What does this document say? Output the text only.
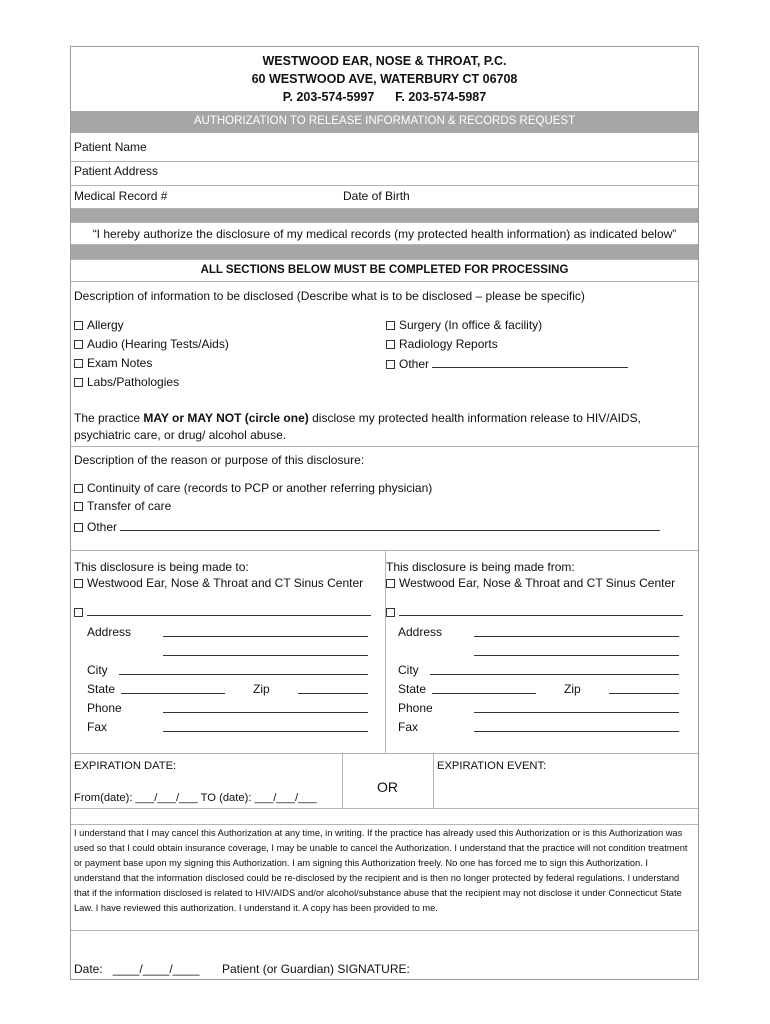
WESTWOOD EAR, NOSE & THROAT, P.C.
60 WESTWOOD AVE, WATERBURY CT 06708
P. 203-574-5997 F. 203-574-5987
AUTHORIZATION TO RELEASE INFORMATION & RECORDS REQUEST
Patient Name
Patient Address
Medical Record #	Date of Birth
“I hereby authorize the disclosure of my medical records (my protected health information) as indicated below”
ALL SECTIONS BELOW MUST BE COMPLETED FOR PROCESSING
Description of information to be disclosed (Describe what is to be disclosed – please be specific)
Allergy
Audio (Hearing Tests/Aids)
Exam Notes
Labs/Pathologies
Surgery (In office & facility)
Radiology Reports
Other
The practice MAY or MAY NOT (circle one) disclose my protected health information release to HIV/AIDS,
psychiatric care, or drug/ alcohol abuse.
Description of the reason or purpose of this disclosure:
Continuity of care (records to PCP or another referring physician)
Transfer of care
Other
This disclosure is being made to:
Westwood Ear, Nose & Throat and CT Sinus Center
Address
City
State	Zip
Phone
Fax
This disclosure is being made from:
Westwood Ear, Nose & Throat and CT Sinus Center
Address
City
State	Zip
Phone
Fax
EXPIRATION DATE:
From(date): ___/___/___ TO (date): ___/___/___
OR
EXPIRATION EVENT:
I understand that I may cancel this Authorization at any time, in writing. If the practice has already used this Authorization or is this Authorization was used so that I could obtain insurance coverage, I may be unable to cancel the Authorization. I understand that the practice will not condition treatment or payment base upon my signing this Authorization. I am signing this Authorization freely. No one has forced me to sign this Authorization. I understand that the information disclosed could be re-disclosed by the recipient and is then no longer protected by federal regulations. I understand that if the information disclosed is related to HIV/AIDS and/or alcohol/substance abuse that the recipient may not disclose it under Connecticut State Law. I have reviewed this authorization. I understand it. A copy has been provided to me.
Date: ____/____/____ Patient (or Guardian) SIGNATURE:
